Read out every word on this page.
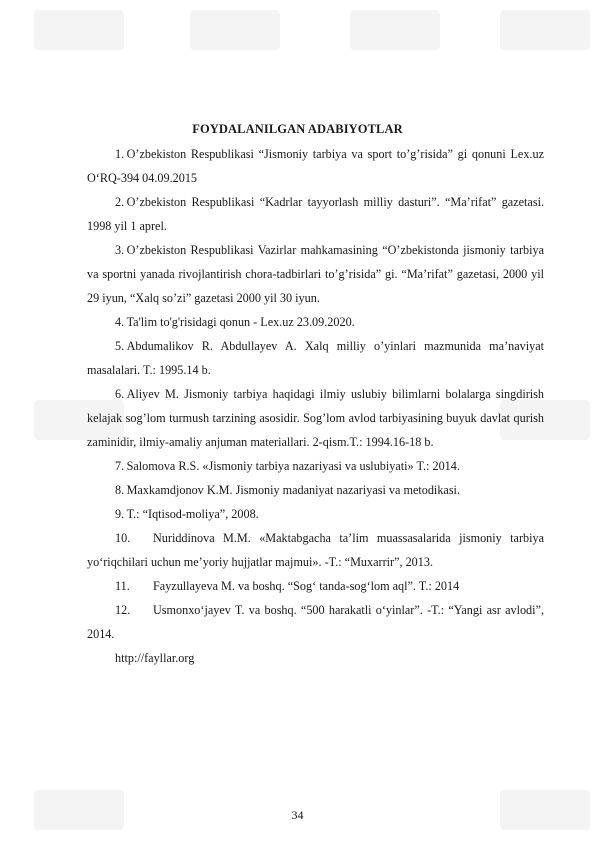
FOYDALANILGAN ADABIYOTLAR

1.  O’zbekiston Respublikasi “Jismoniy tarbiya va sport to’g’risida” gi qonuni Lex.uz O‘RQ-394 04.09.2015

2.  O’zbekiston Respublikasi “Kadrlar tayyorlash milliy dasturi”. “Ma’rifat” gazetasi. 1998 yil 1 aprel.

3.  O’zbekiston Respublikasi Vazirlar mahkamasining “O’zbekistonda jismoniy tarbiya va sportni yanada rivojlantirish chora-tadbirlari to’g’risida” gi. “Ma’rifat” gazetasi, 2000 yil 29 iyun, “Xalq so’zi” gazetasi 2000 yil 30 iyun.

4.  Ta'lim to'g'risidagi qonun - Lex.uz 23.09.2020.

5.  Abdumalikov R. Abdullayev A. Xalq milliy o’yinlari mazmunida ma’naviyat masalalari. T.: 1995.14 b.

6.  Aliyev M. Jismoniy tarbiya haqidagi ilmiy uslubiy bilimlarni bolalarga singdirish kelajak sog’lom turmush tarzining asosidir. Sog’lom avlod tarbiyasining buyuk davlat qurish zaminidir, ilmiy-amaliy anjuman materiallari. 2-qism.T.: 1994.16-18 b.

7.  Salomova R.S. «Jismoniy tarbiya nazariyasi va uslubiyati» T.: 2014.

8.  Maxkamdjonov K.M. Jismoniy madaniyat nazariyasi va metodikasi.

9.  T.: “Iqtisod-moliya”, 2008.

10. Nuriddinova M.M. «Maktabgacha ta’lim muassasalarida jismoniy tarbiya yo‘riqchilari uchun me’yoriy hujjatlar majmui». -T.: “Muxarrir”, 2013.

11. Fayzullayeva M. va boshq. “Sog‘ tanda-sog‘lom aql”. T.: 2014

12. Usmonxo‘jayev T. va boshq. “500 harakatli o‘yinlar”. -T.: “Yangi asr avlodi”, 2014.

http://fayllar.org

34
